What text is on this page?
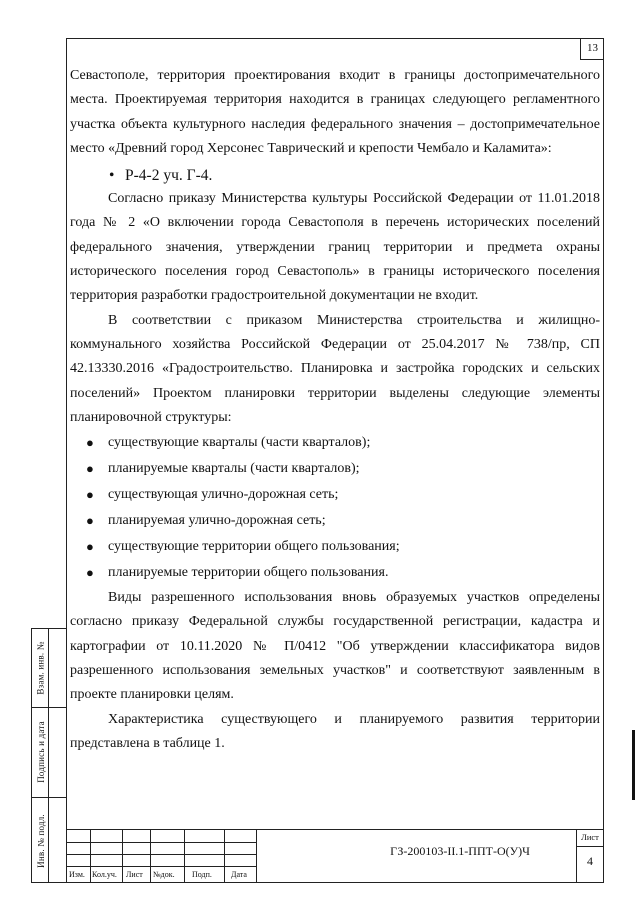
13

Севастополе, территория проектирования входит в границы достопримечательного места. Проектируемая территория находится в границах следующего регламентного участка объекта культурного наследия федерального значения – достопримечательное место «Древний город Херсонес Таврический и крепости Чембало и Каламита»:

• Р-4-2 уч. Г-4.

Согласно приказу Министерства культуры Российской Федерации от 11.01.2018 года № 2 «О включении города Севастополя в перечень исторических поселений федерального значения, утверждении границ территории и предмета охраны исторического поселения город Севастополь» в границы исторического поселения территория разработки градостроительной документации не входит.

В соответствии с приказом Министерства строительства и жилищно-коммунального хозяйства Российской Федерации от 25.04.2017 № 738/пр, СП 42.13330.2016 «Градостроительство. Планировка и застройка городских и сельских поселений» Проектом планировки территории выделены следующие элементы планировочной структуры:

● существующие кварталы (части кварталов);
● планируемые кварталы (части кварталов);
● существующая улично-дорожная сеть;
● планируемая улично-дорожная сеть;
● существующие территории общего пользования;
● планируемые территории общего пользования.

Виды разрешенного использования вновь образуемых участков определены согласно приказу Федеральной службы государственной регистрации, кадастра и картографии от 10.11.2020 № П/0412 "Об утверждении классификатора видов разрешенного использования земельных участков" и соответствуют заявленным в проекте планировки целям.

Характеристика существующего и планируемого развития территории представлена в таблице 1.

Взам. инв. №
Подпись и дата
Инв. № подл.
Изм. Кол.уч. Лист №док. Подп. Дата
ГЗ-200103-II.1-ППТ-О(У)Ч
Лист
4
